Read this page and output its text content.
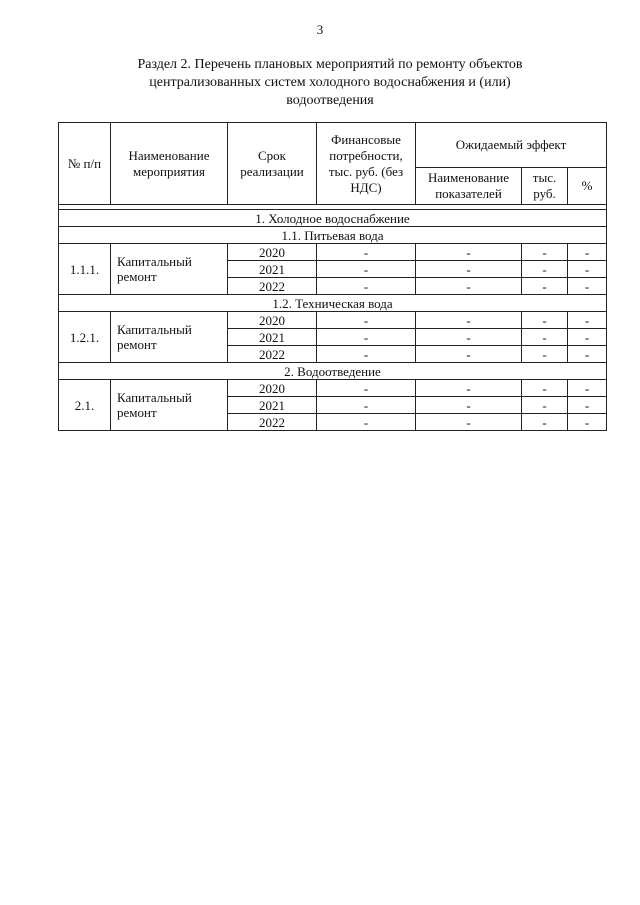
3
Раздел 2. Перечень плановых мероприятий по ремонту объектов централизованных систем холодного водоснабжения и (или) водоотведения
№ п/п	Наименование мероприятия	Срок реализации	Финансовые потребности, тыс. руб. (без НДС)	Ожидаемый эффект		
				Наименование показателей	тыс. руб.	%

1. Холодное водоснабжение						
1.1. Питьевая вода						
1.1.1.	Капитальный ремонт	2020	-	-	-	-
		2021	-	-	-	-
		2022	-	-	-	-
1.2. Техническая вода						
1.2.1.	Капитальный ремонт	2020	-	-	-	-
		2021	-	-	-	-
		2022	-	-	-	-
2. Водоотведение						
2.1.	Капитальный ремонт	2020	-	-	-	-
		2021	-	-	-	-
		2022	-	-	-	-
